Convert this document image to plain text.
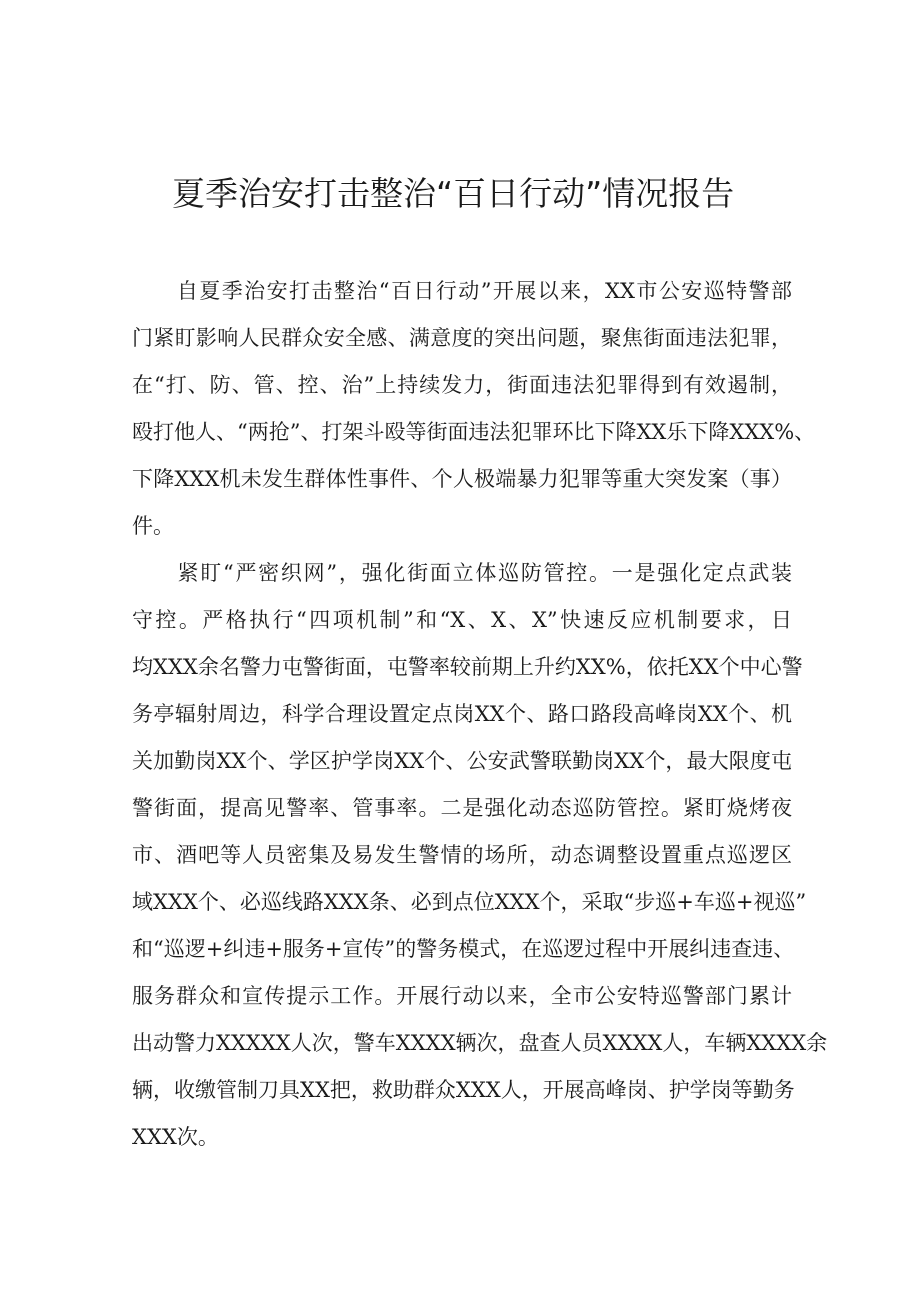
夏季治安打击整治“百日行动”情况报告
　　自夏季治安打击整治“百日行动”开展以来，XX市公安巡特警部
门紧盯影响人民群众安全感、满意度的突出问题，聚焦街面违法犯罪，
在“打、防、管、控、治”上持续发力，街面违法犯罪得到有效遏制，
殴打他人、“两抢”、打架斗殴等街面违法犯罪环比下降XX乐下降XXX%、
下降XXX机未发生群体性事件、个人极端暴力犯罪等重大突发案（事）
件。
　　紧盯“严密织网”，强化街面立体巡防管控。一是强化定点武装
守控。严格执行“四项机制”和“X、X、X”快速反应机制要求，日
均XXX余名警力屯警街面，屯警率较前期上升约XX%，依托XX个中心警
务亭辐射周边，科学合理设置定点岗XX个、路口路段高峰岗XX个、机
关加勤岗XX个、学区护学岗XX个、公安武警联勤岗XX个，最大限度屯
警街面，提高见警率、管事率。二是强化动态巡防管控。紧盯烧烤夜
市、酒吧等人员密集及易发生警情的场所，动态调整设置重点巡逻区
域XXX个、必巡线路XXX条、必到点位XXX个，采取“步巡+车巡+视巡”
和“巡逻+纠违+服务+宣传”的警务模式，在巡逻过程中开展纠违查违、
服务群众和宣传提示工作。开展行动以来，全市公安特巡警部门累计
出动警力XXXXX人次，警车XXXX辆次，盘查人员XXXX人，车辆XXXX余
辆，收缴管制刀具XX把，救助群众XXX人，开展高峰岗、护学岗等勤务
XXX次。
